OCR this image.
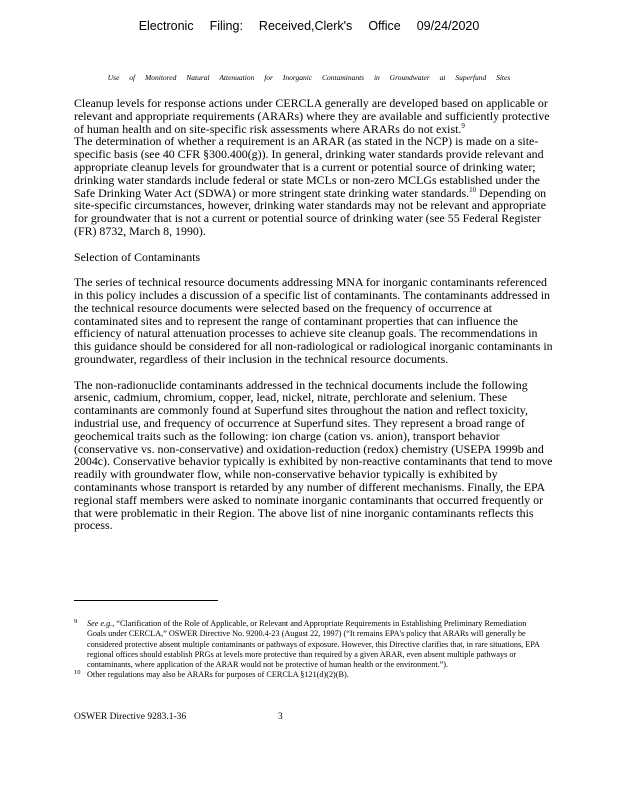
Electronic Filing: Received,Clerk's Office 09/24/2020
Use of Monitored Natural Attenuation for Inorganic Contaminants in Groundwater at Superfund Sites

Cleanup levels for response actions under CERCLA generally are developed based on applicable or relevant and appropriate requirements (ARARs) where they are available and sufficiently protective of human health and on site-specific risk assessments where ARARs do not exist.$^9$

The determination of whether a requirement is an ARAR (as stated in the NCP) is made on a site-specific basis (see 40 CFR §300.400(g)). In general, drinking water standards provide relevant and appropriate cleanup levels for groundwater that is a current or potential source of drinking water; drinking water standards include federal or state MCLs or non-zero MCLGs established under the Safe Drinking Water Act (SDWA) or more stringent state drinking water standards.$^{10}$ Depending on site-specific circumstances, however, drinking water standards may not be relevant and appropriate for groundwater that is not a current or potential source of drinking water (see 55 Federal Register (FR) 8732, March 8, 1990).

Selection of Contaminants

The series of technical resource documents addressing MNA for inorganic contaminants referenced in this policy includes a discussion of a specific list of contaminants. The contaminants addressed in the technical resource documents were selected based on the frequency of occurrence at contaminated sites and to represent the range of contaminant properties that can influence the efficiency of natural attenuation processes to achieve site cleanup goals. The recommendations in this guidance should be considered for all non-radiological or radiological inorganic contaminants in groundwater, regardless of their inclusion in the technical resource documents.

The non-radionuclide contaminants addressed in the technical documents include the following arsenic, cadmium, chromium, copper, lead, nickel, nitrate, perchlorate and selenium. These contaminants are commonly found at Superfund sites throughout the nation and reflect toxicity, industrial use, and frequency of occurrence at Superfund sites. They represent a broad range of geochemical traits such as the following: ion charge (cation vs. anion), transport behavior (conservative vs. non-conservative) and oxidation-reduction (redox) chemistry (USEPA 1999b and 2004c). Conservative behavior typically is exhibited by non-reactive contaminants that tend to move readily with groundwater flow, while non-conservative behavior typically is exhibited by contaminants whose transport is retarded by any number of different mechanisms. Finally, the EPA regional staff members were asked to nominate inorganic contaminants that occurred frequently or that were problematic in their Region. The above list of nine inorganic contaminants reflects this process.

9 See e.g., “Clarification of the Role of Applicable, or Relevant and Appropriate Requirements in Establishing Preliminary Remediation Goals under CERCLA,” OSWER Directive No. 9200.4-23 (August 22, 1997) (“It remains EPA's policy that ARARs will generally be considered protective absent multiple contaminants or pathways of exposure. However, this Directive clarifies that, in rare situations, EPA regional offices should establish PRGs at levels more protective than required by a given ARAR, even absent multiple pathways or contaminants, where application of the ARAR would not be protective of human health or the environment.”).

10 Other regulations may also be ARARs for purposes of CERCLA §121(d)(2)(B).

OSWER Directive 9283.1-36	3
